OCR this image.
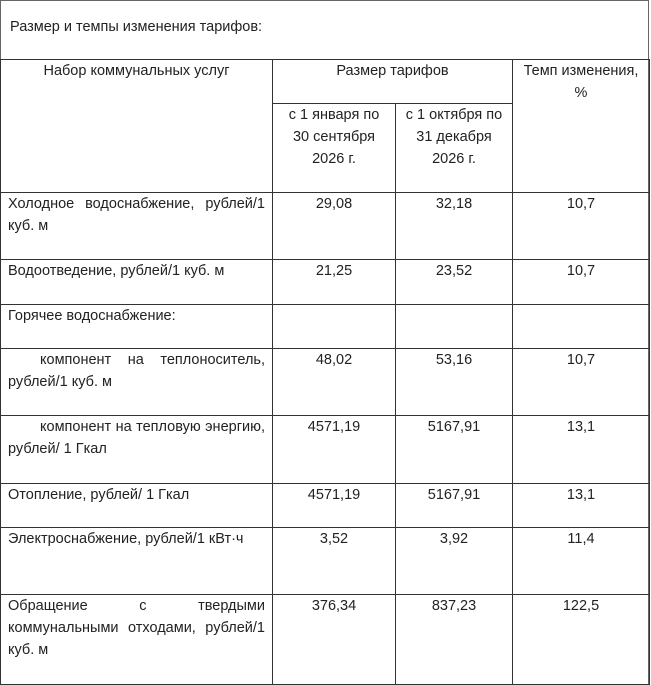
Размер и темпы изменения тарифов:
Набор коммунальных услуг	Размер тарифов		Темп изменения, %
	с 1 января по 30 сентября 2026 г.	с 1 октября по 31 декабря 2026 г.	
Холодное водоснабжение, рублей/1 куб. м	29,08	32,18	10,7
Водоотведение, рублей/1 куб. м	21,25	23,52	10,7
Горячее водоснабжение:			
компонент на теплоноситель, рублей/1 куб. м	48,02	53,16	10,7
компонент на тепловую энергию, рублей/ 1 Гкал	4571,19	5167,91	13,1
Отопление, рублей/ 1 Гкал	4571,19	5167,91	13,1
Электроснабжение, рублей/1 кВт·ч	3,52	3,92	11,4
Обращение с твердыми коммунальными отходами, рублей/1 куб. м	376,34	837,23	122,5
